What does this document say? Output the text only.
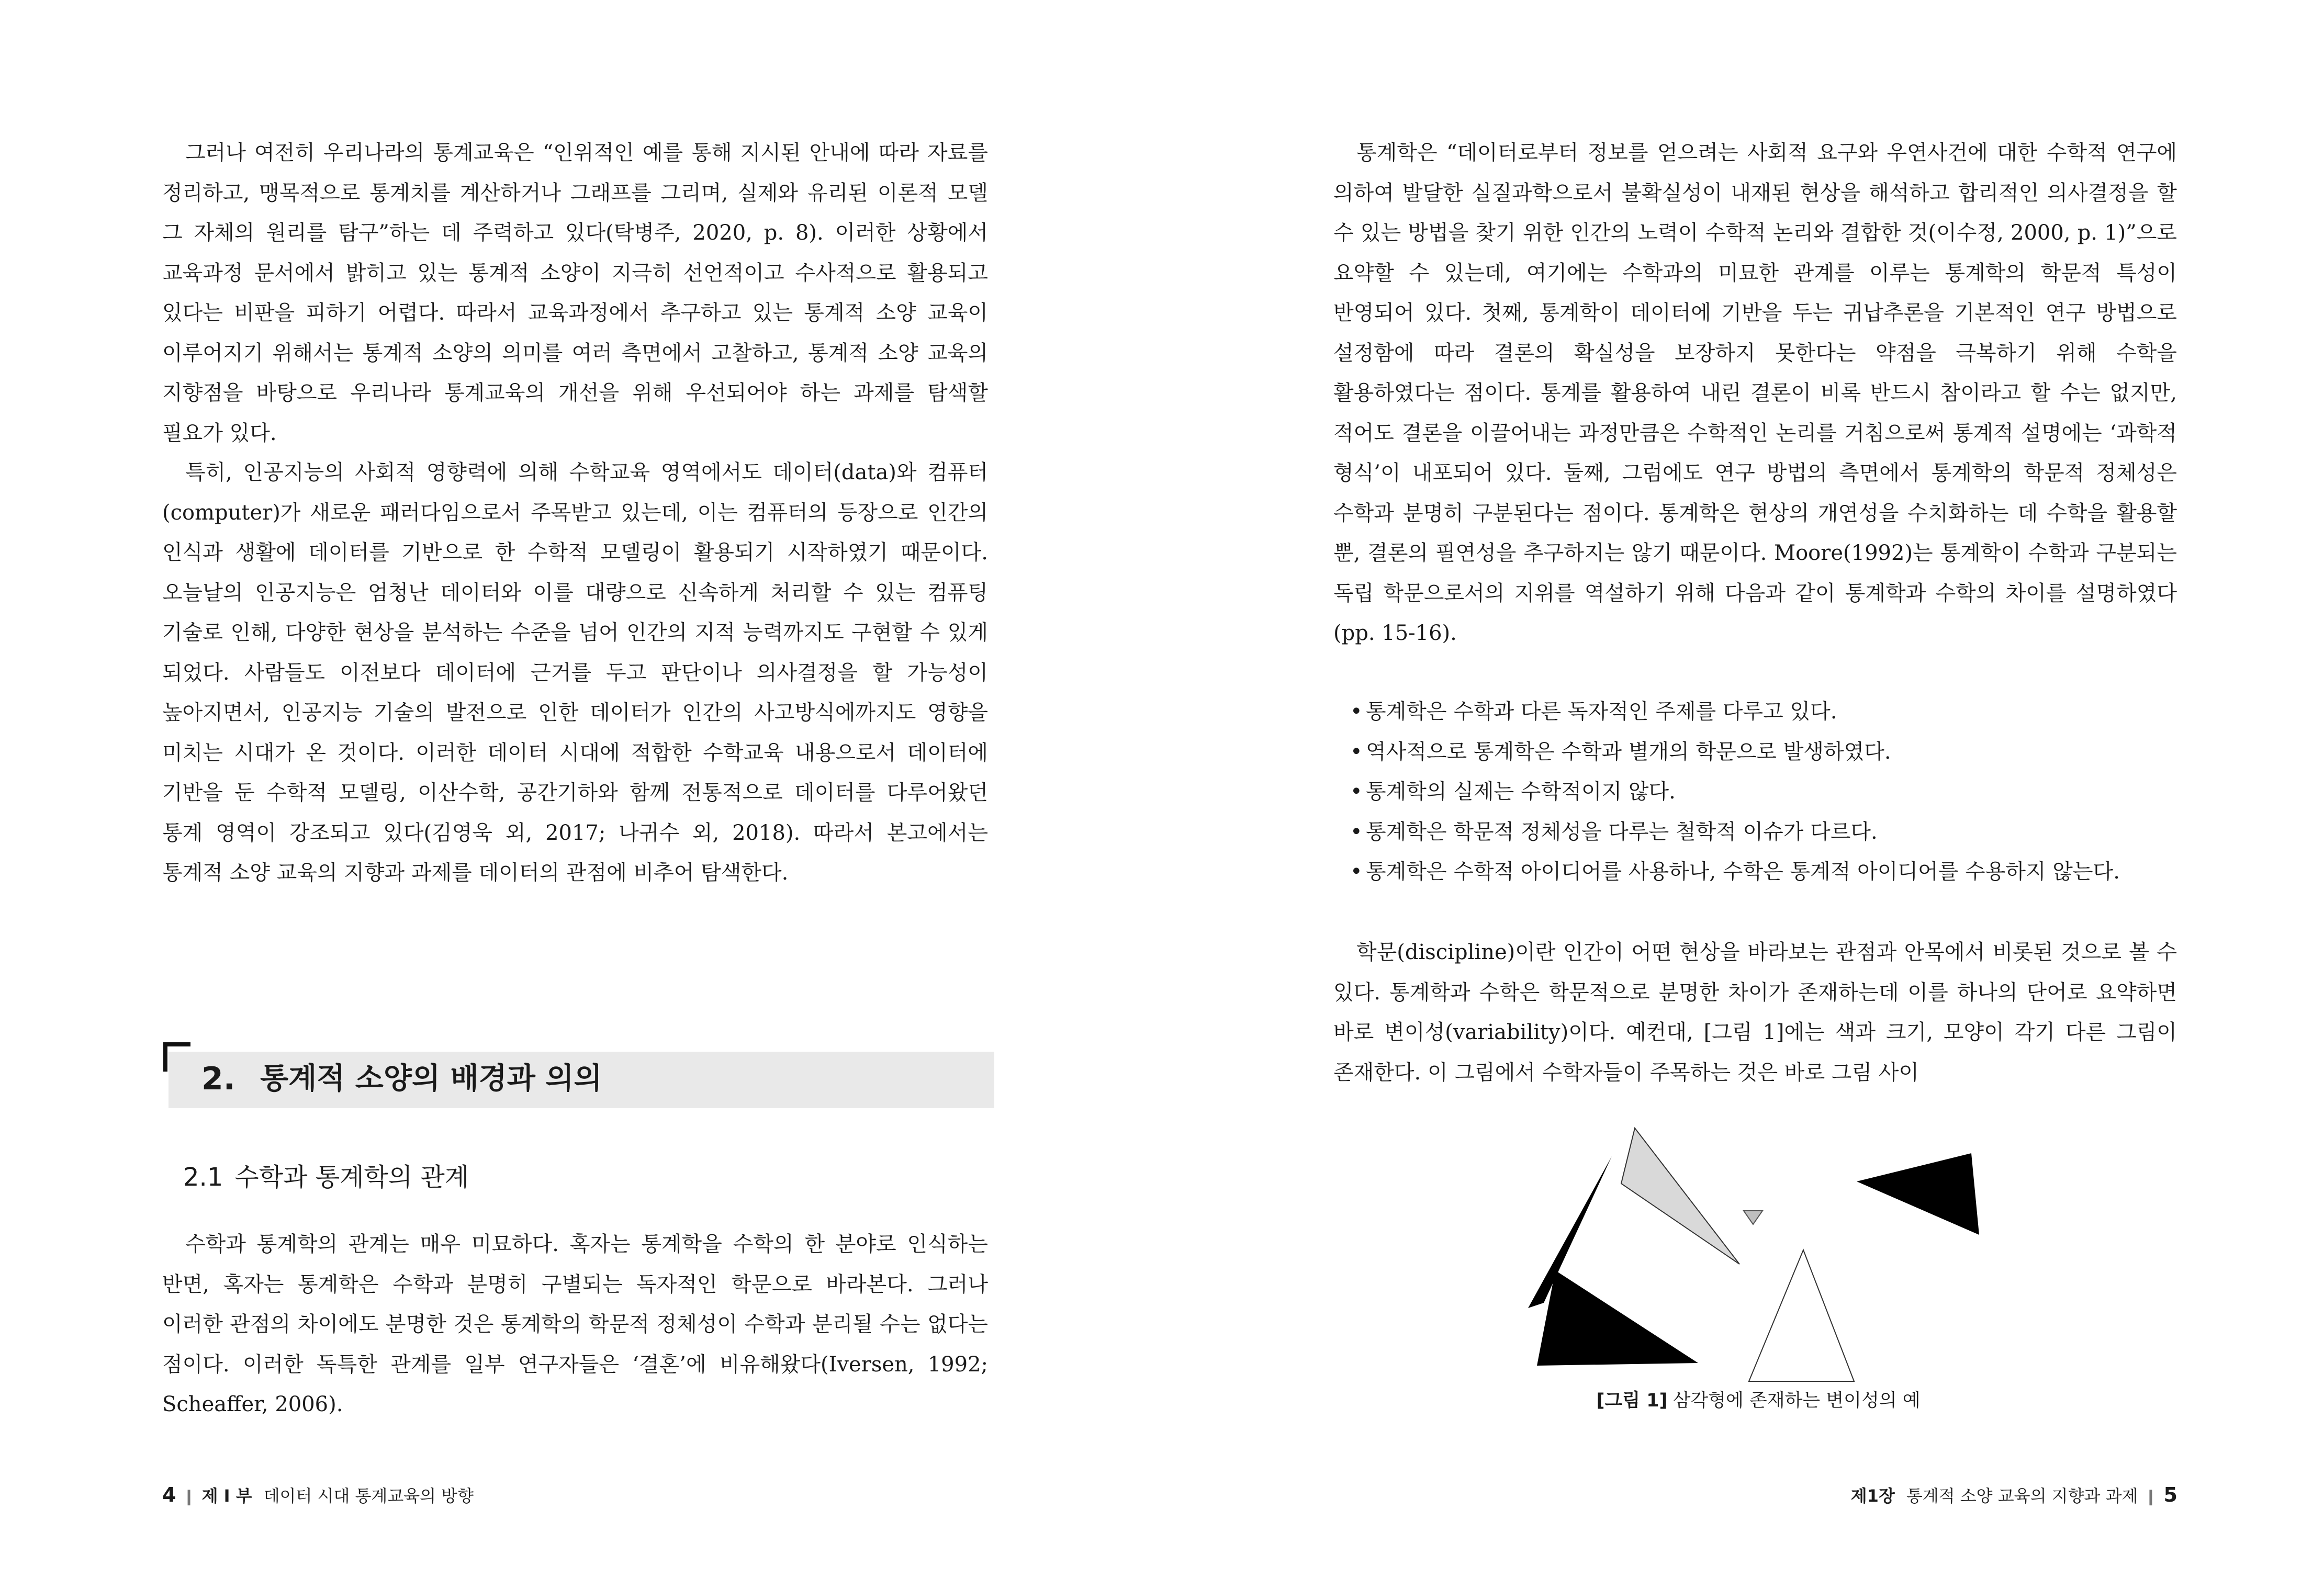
그러나 여전히 우리나라의 통계교육은 “인위적인 예를 통해 지시된 안내에 따라 자료를 정리하고, 맹목적으로 통계치를 계산하거나 그래프를 그리며, 실제와 유리된 이론적 모델 그 자체의 원리를 탐구”하는 데 주력하고 있다(탁병주, 2020, p. 8). 이러한 상황에서 교육과정 문서에서 밝히고 있는 통계적 소양이 지극히 선언적이고 수사적으로 활용되고 있다는 비판을 피하기 어렵다. 따라서 교육과정에서 추구하고 있는 통계적 소양 교육이 이루어지기 위해서는 통계적 소양의 의미를 여러 측면에서 고찰하고, 통계적 소양 교육의 지향점을 바탕으로 우리나라 통계교육의 개선을 위해 우선되어야 하는 과제를 탐색할 필요가 있다.

특히, 인공지능의 사회적 영향력에 의해 수학교육 영역에서도 데이터(data)와 컴퓨터(computer)가 새로운 패러다임으로서 주목받고 있는데, 이는 컴퓨터의 등장으로 인간의 인식과 생활에 데이터를 기반으로 한 수학적 모델링이 활용되기 시작하였기 때문이다. 오늘날의 인공지능은 엄청난 데이터와 이를 대량으로 신속하게 처리할 수 있는 컴퓨팅 기술로 인해, 다양한 현상을 분석하는 수준을 넘어 인간의 지적 능력까지도 구현할 수 있게 되었다. 사람들도 이전보다 데이터에 근거를 두고 판단이나 의사결정을 할 가능성이 높아지면서, 인공지능 기술의 발전으로 인한 데이터가 인간의 사고방식에까지도 영향을 미치는 시대가 온 것이다. 이러한 데이터 시대에 적합한 수학교육 내용으로서 데이터에 기반을 둔 수학적 모델링, 이산수학, 공간기하와 함께 전통적으로 데이터를 다루어왔던 통계 영역이 강조되고 있다(김영욱 외, 2017; 나귀수 외, 2018). 따라서 본고에서는 통계적 소양 교육의 지향과 과제를 데이터의 관점에 비추어 탐색한다.

2. 통계적 소양의 배경과 의의
2.1 수학과 통계학의 관계

수학과 통계학의 관계는 매우 미묘하다. 혹자는 통계학을 수학의 한 분야로 인식하는 반면, 혹자는 통계학은 수학과 분명히 구별되는 독자적인 학문으로 바라본다. 그러나 이러한 관점의 차이에도 분명한 것은 통계학의 학문적 정체성이 수학과 분리될 수는 없다는 점이다. 이러한 독특한 관계를 일부 연구자들은 ‘결혼’에 비유해왔다(Iversen, 1992; Scheaffer, 2006).

4 ❙ 제 I 부 데이터 시대 통계교육의 방향

통계학은 “데이터로부터 정보를 얻으려는 사회적 요구와 우연사건에 대한 수학적 연구에 의하여 발달한 실질과학으로서 불확실성이 내재된 현상을 해석하고 합리적인 의사결정을 할 수 있는 방법을 찾기 위한 인간의 노력이 수학적 논리와 결합한 것(이수정, 2000, p. 1)”으로 요약할 수 있는데, 여기에는 수학과의 미묘한 관계를 이루는 통계학의 학문적 특성이 반영되어 있다. 첫째, 통계학이 데이터에 기반을 두는 귀납추론을 기본적인 연구 방법으로 설정함에 따라 결론의 확실성을 보장하지 못한다는 약점을 극복하기 위해 수학을 활용하였다는 점이다. 통계를 활용하여 내린 결론이 비록 반드시 참이라고 할 수는 없지만, 적어도 결론을 이끌어내는 과정만큼은 수학적인 논리를 거침으로써 통계적 설명에는 ‘과학적 형식’이 내포되어 있다. 둘째, 그럼에도 연구 방법의 측면에서 통계학의 학문적 정체성은 수학과 분명히 구분된다는 점이다. 통계학은 현상의 개연성을 수치화하는 데 수학을 활용할 뿐, 결론의 필연성을 추구하지는 않기 때문이다. Moore(1992)는 통계학이 수학과 구분되는 독립 학문으로서의 지위를 역설하기 위해 다음과 같이 통계학과 수학의 차이를 설명하였다(pp. 15-16).

• 통계학은 수학과 다른 독자적인 주제를 다루고 있다.
• 역사적으로 통계학은 수학과 별개의 학문으로 발생하였다.
• 통계학의 실제는 수학적이지 않다.
• 통계학은 학문적 정체성을 다루는 철학적 이슈가 다르다.
• 통계학은 수학적 아이디어를 사용하나, 수학은 통계적 아이디어를 수용하지 않는다.

학문(discipline)이란 인간이 어떤 현상을 바라보는 관점과 안목에서 비롯된 것으로 볼 수 있다. 통계학과 수학은 학문적으로 분명한 차이가 존재하는데 이를 하나의 단어로 요약하면 바로 변이성(variability)이다. 예컨대, [그림 1]에는 색과 크기, 모양이 각기 다른 그림이 존재한다. 이 그림에서 수학자들이 주목하는 것은 바로 그림 사이

[그림 1] 삼각형에 존재하는 변이성의 예
제1장 통계적 소양 교육의 지향과 과제 ❙ 5
